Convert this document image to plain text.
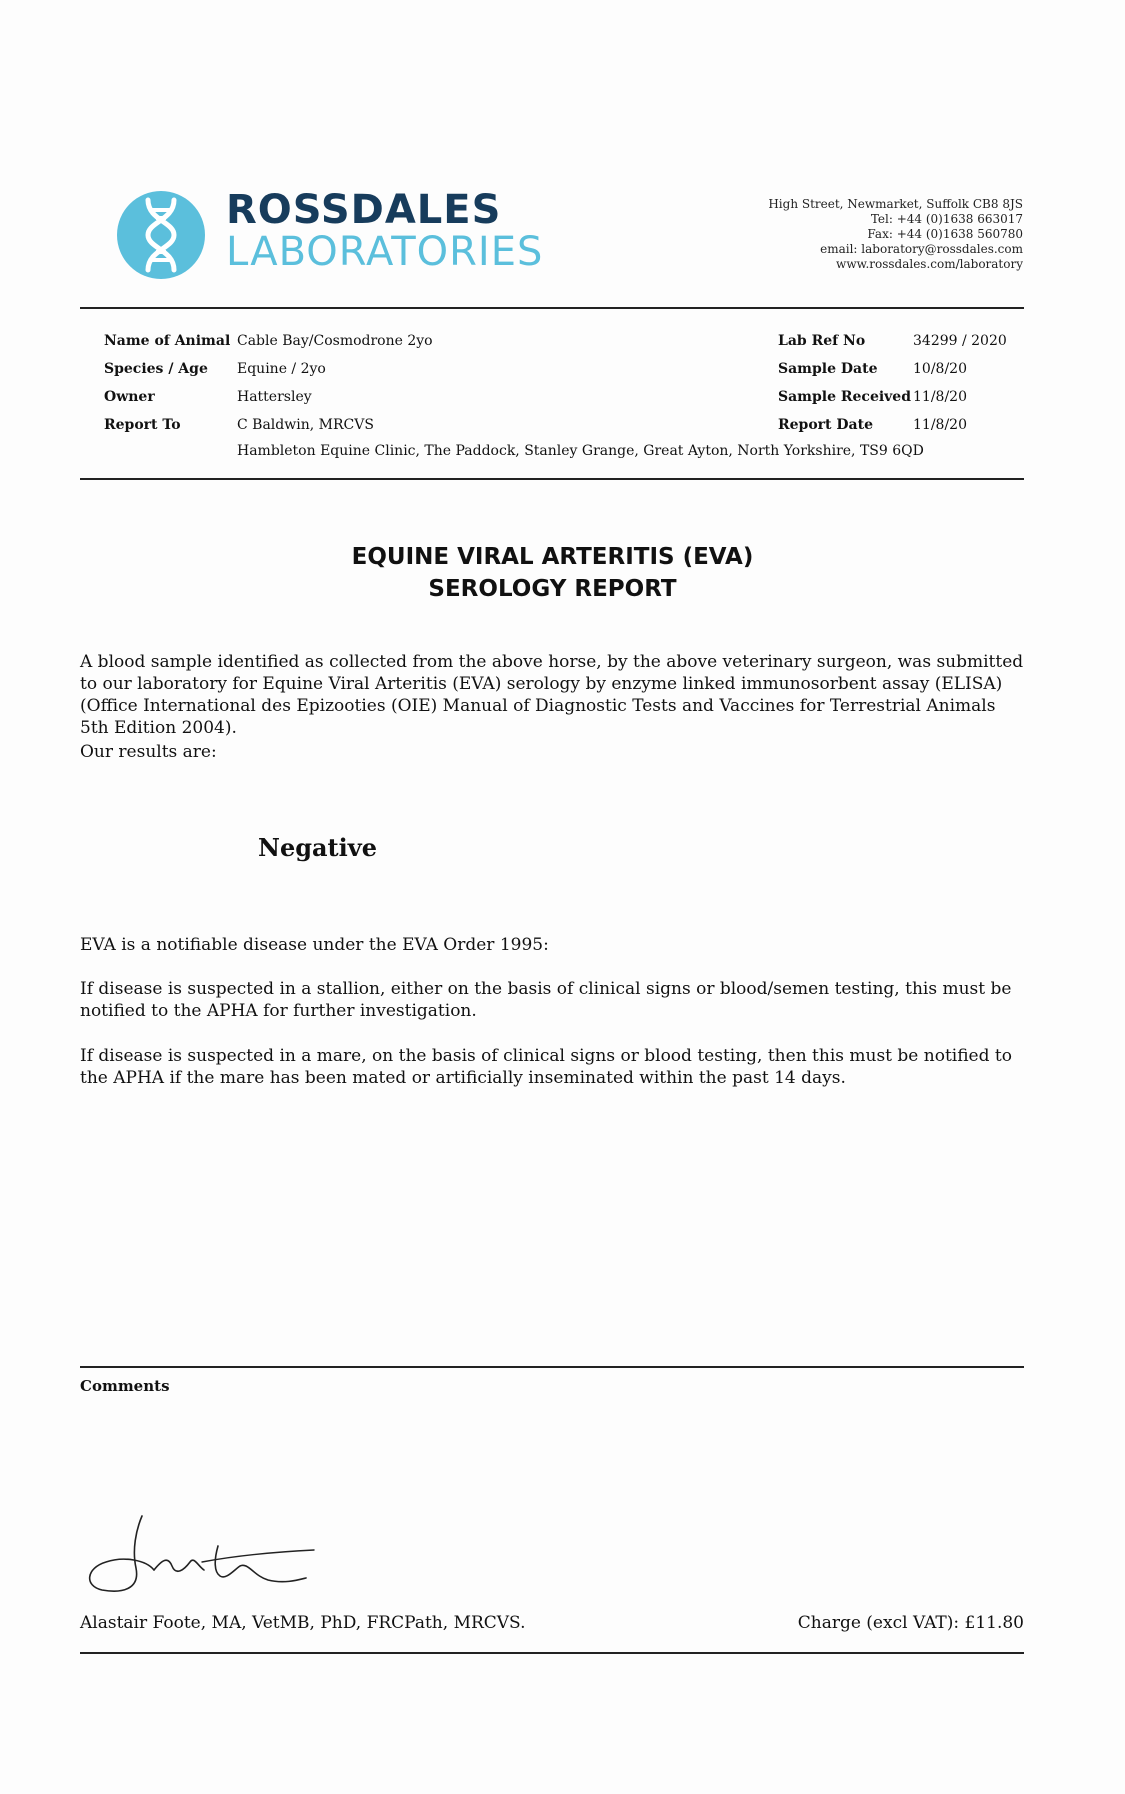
ROSSDALES
LABORATORIES
High Street, Newmarket, Suffolk CB8 8JS
Tel: +44 (0)1638 663017
Fax: +44 (0)1638 560780
email: laboratory@rossdales.com
www.rossdales.com/laboratory
Name of Animal Cable Bay/Cosmodrone 2yo	Lab Ref No	34299 / 2020
Species / Age Equine / 2yo	Sample Date	10/8/20
Owner	Hattersley	Sample Received 11/8/20
Report To	C Baldwin, MRCVS	Report Date	11/8/20
Hambleton Equine Clinic, The Paddock, Stanley Grange, Great Ayton, North Yorkshire, TS9 6QD
EQUINE VIRAL ARTERITIS (EVA)
SEROLOGY REPORT
A blood sample identified as collected from the above horse, by the above veterinary surgeon, was submitted to our laboratory for Equine Viral Arteritis (EVA) serology by enzyme linked immunosorbent assay (ELISA) (Office International des Epizooties (OIE) Manual of Diagnostic Tests and Vaccines for Terrestrial Animals 5th Edition 2004).
Our results are:
Negative
EVA is a notifiable disease under the EVA Order 1995:
If disease is suspected in a stallion, either on the basis of clinical signs or blood/semen testing, this must be notified to the APHA for further investigation.
If disease is suspected in a mare, on the basis of clinical signs or blood testing, then this must be notified to the APHA if the mare has been mated or artificially inseminated within the past 14 days.
Comments
Alastair Foote, MA, VetMB, PhD, FRCPath, MRCVS.	Charge (excl VAT): £11.80
